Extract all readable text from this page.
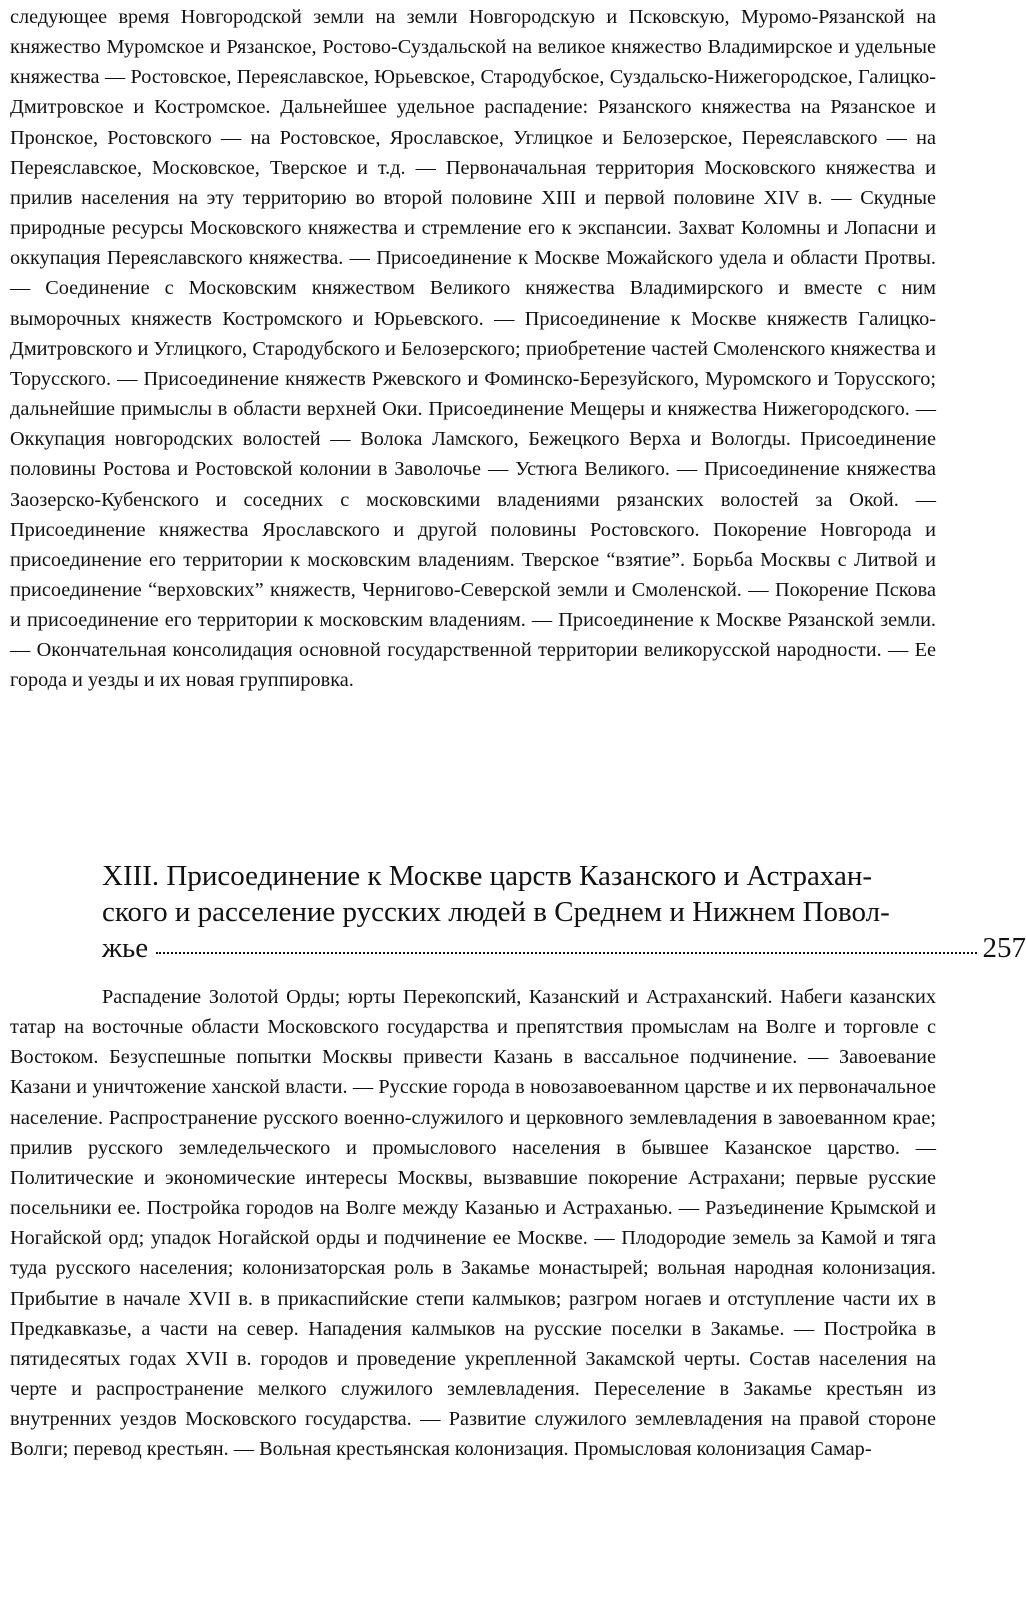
следующее время Новгородской земли на земли Новгородскую и Псковскую, Муромо-Рязанской на княжество Муромское и Рязанское, Ростово-Суздальской на великое княжество Владимирское и удельные княжества — Ростовское, Переяславское, Юрьевское, Стародубское, Суздальско-Нижегородское, Галицко-Дмитровское и Костромское. Дальнейшее удельное распадение: Рязанского княжества на Рязанское и Пронское, Ростовского — на Ростовское, Ярославское, Углицкое и Белозерское, Переяславского — на Переяславское, Московское, Тверское и т.д. — Первоначальная территория Московского княжества и прилив населения на эту территорию во второй половине XIII и первой половине XIV в. — Скудные природные ресурсы Московского княжества и стремление его к экспансии. Захват Коломны и Лопасни и оккупация Переяславского княжества. — Присоединение к Москве Можайского удела и области Протвы. — Соединение с Московским княжеством Великого княжества Владимирского и вместе с ним выморочных княжеств Костромского и Юрьевского. — Присоединение к Москве княжеств Галицко-Дмитровского и Углицкого, Стародубского и Белозерского; приобретение частей Смоленского княжества и Торусского. — Присоединение княжеств Ржевского и Фоминско-Березуйского, Муромского и Торусского; дальнейшие примыслы в области верхней Оки. Присоединение Мещеры и княжества Нижегородского. — Оккупация новгородских волостей — Волока Ламского, Бежецкого Верха и Вологды. Присоединение половины Ростова и Ростовской колонии в Заволочье — Устюга Великого. — Присоединение княжества Заозерско-Кубенского и соседних с московскими владениями рязанских волостей за Окой. — Присоединение княжества Ярославского и другой половины Ростовского. Покорение Новгорода и присоединение его территории к московским владениям. Тверское “взятие”. Борьба Москвы с Литвой и присоединение “верховских” княжеств, Чернигово-Северской земли и Смоленской. — Покорение Пскова и присоединение его территории к московским владениям. — Присоединение к Москве Рязанской земли. — Окончательная консолидация основной государственной территории великорусской народности. — Ее города и уезды и их новая группировка.

XIII. Присоединение к Москве царств Казанского и Астрахан-
ского и расселение русских людей в Среднем и Нижнем Повол-
жье	257

Распадение Золотой Орды; юрты Перекопский, Казанский и Астраханский. Набеги казанских татар на восточные области Московского государства и препятствия промыслам на Волге и торговле с Востоком. Безуспешные попытки Москвы привести Казань в вассальное подчинение. — Завоевание Казани и уничтожение ханской власти. — Русские города в новозавоеванном царстве и их первоначальное население. Распространение русского военно-служилого и церковного землевладения в завоеванном крае; прилив русского земледельческого и промыслового населения в бывшее Казанское царство. — Политические и экономические интересы Москвы, вызвавшие покорение Астрахани; первые русские посельники ее. Постройка городов на Волге между Казанью и Астраханью. — Разъединение Крымской и Ногайской орд; упадок Ногайской орды и подчинение ее Москве. — Плодородие земель за Камой и тяга туда русского населения; колонизаторская роль в Закамье монастырей; вольная народная колонизация. Прибытие в начале XVII в. в прикаспийские степи калмыков; разгром ногаев и отступление части их в Предкавказье, а части на север. Нападения калмыков на русские поселки в Закамье. — Постройка в пятидесятых годах XVII в. городов и проведение укрепленной Закамской черты. Состав населения на черте и распространение мелкого служилого землевладения. Переселение в Закамье крестьян из внутренних уездов Московского государства. — Развитие служилого землевладения на правой стороне Волги; перевод крестьян. — Вольная крестьянская колонизация. Промысловая колонизация Самар-
